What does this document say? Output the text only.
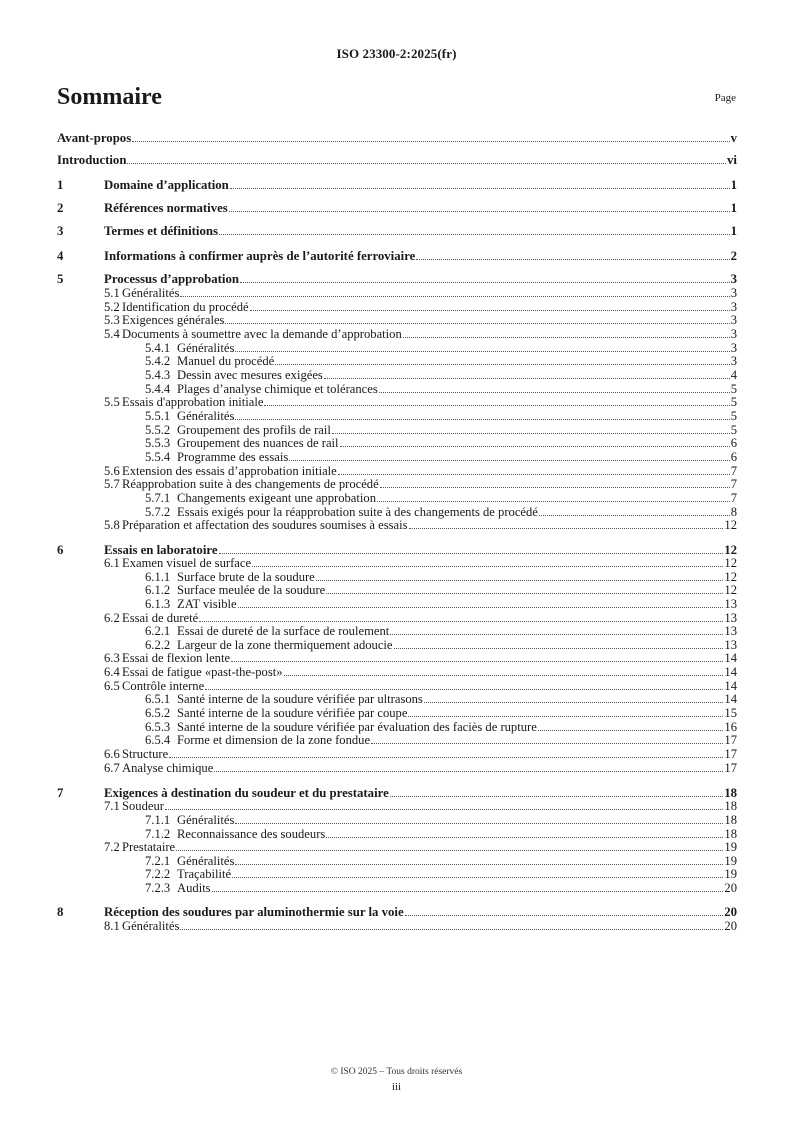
ISO 23300-2:2025(fr)
Sommaire	Page
Avant-propos	v
Introduction	vi
1	Domaine d’application	1
2	Références normatives	1
3	Termes et définitions	1
4	Informations à confirmer auprès de l’autorité ferroviaire	2
5	Processus d’approbation	3
5.1 Généralités	3
5.2 Identification du procédé	3
5.3 Exigences générales	3
5.4 Documents à soumettre avec la demande d’approbation	3
5.4.1 Généralités	3
5.4.2 Manuel du procédé	3
5.4.3 Dessin avec mesures exigées	4
5.4.4 Plages d’analyse chimique et tolérances	5
5.5 Essais d'approbation initiale	5
5.5.1 Généralités	5
5.5.2 Groupement des profils de rail	5
5.5.3 Groupement des nuances de rail	6
5.5.4 Programme des essais	6
5.6 Extension des essais d’approbation initiale	7
5.7 Réapprobation suite à des changements de procédé	7
5.7.1 Changements exigeant une approbation	7
5.7.2 Essais exigés pour la réapprobation suite à des changements de procédé	8
5.8 Préparation et affectation des soudures soumises à essais	12
6	Essais en laboratoire	12
6.1 Examen visuel de surface	12
6.1.1 Surface brute de la soudure	12
6.1.2 Surface meulée de la soudure	12
6.1.3 ZAT visible	13
6.2 Essai de dureté	13
6.2.1 Essai de dureté de la surface de roulement	13
6.2.2 Largeur de la zone thermiquement adoucie	13
6.3 Essai de flexion lente	14
6.4 Essai de fatigue «past-the-post»	14
6.5 Contrôle interne	14
6.5.1 Santé interne de la soudure vérifiée par ultrasons	14
6.5.2 Santé interne de la soudure vérifiée par coupe	15
6.5.3 Santé interne de la soudure vérifiée par évaluation des faciès de rupture	16
6.5.4 Forme et dimension de la zone fondue	17
6.6 Structure	17
6.7 Analyse chimique	17
7	Exigences à destination du soudeur et du prestataire	18
7.1 Soudeur	18
7.1.1 Généralités	18
7.1.2 Reconnaissance des soudeurs	18
7.2 Prestataire	19
7.2.1 Généralités	19
7.2.2 Traçabilité	19
7.2.3 Audits	20
8	Réception des soudures par aluminothermie sur la voie	20
8.1 Généralités	20
© ISO 2025 – Tous droits réservés
iii
